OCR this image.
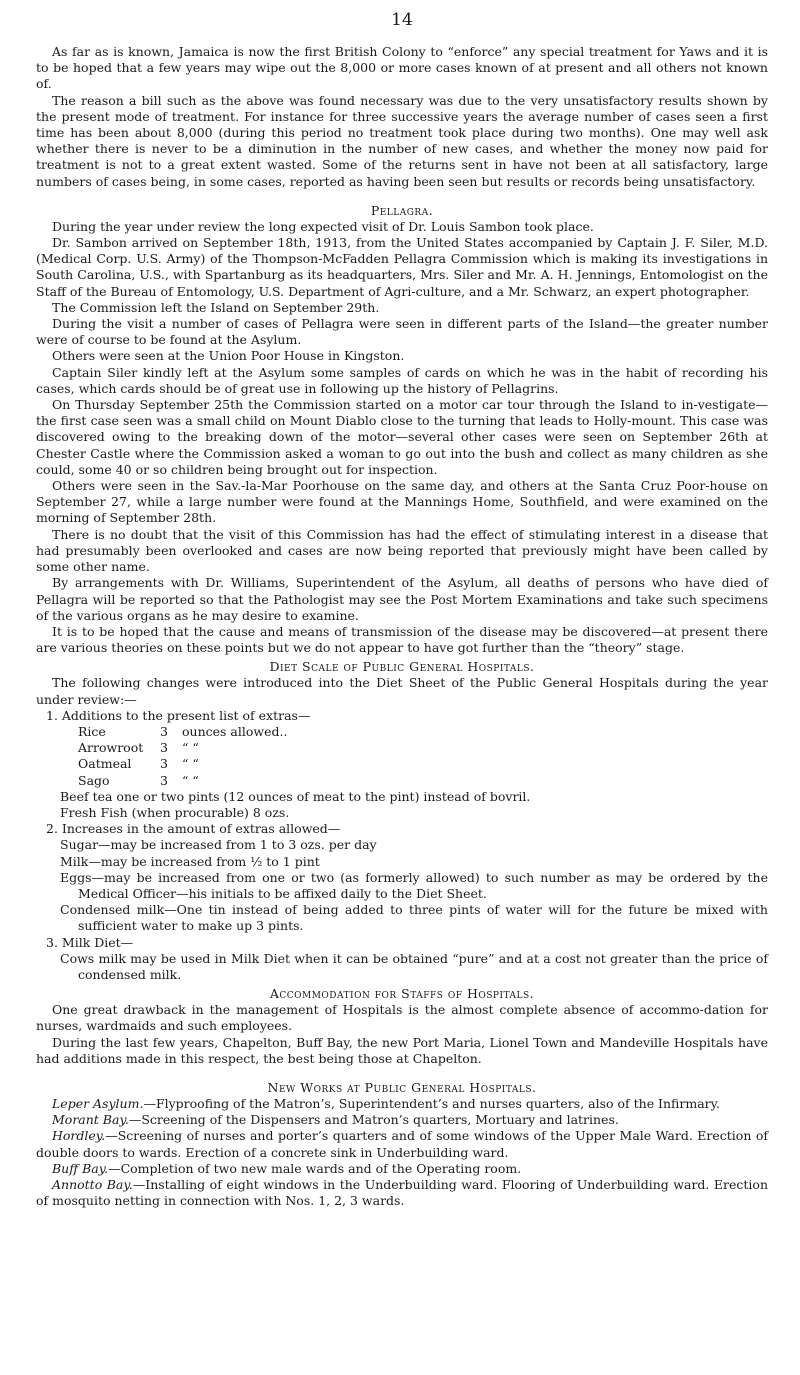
14

As far as is known, Jamaica is now the first British Colony to “enforce” any special treatment for Yaws and it is to be hoped that a few years may wipe out the 8,000 or more cases known of at present and all others not known of.

The reason a bill such as the above was found necessary was due to the very unsatisfactory results shown by the present mode of treatment. For instance for three successive years the average number of cases seen a first time has been about 8,000 (during this period no treatment took place during two months). One may well ask whether there is never to be a diminution in the number of new cases, and whether the money now paid for treatment is not to a great extent wasted. Some of the returns sent in have not been at all satisfactory, large numbers of cases being, in some cases, reported as having been seen but results or records being unsatisfactory.

Pellagra.

During the year under review the long expected visit of Dr. Louis Sambon took place.

Dr. Sambon arrived on September 18th, 1913, from the United States accompanied by Captain J. F. Siler, M.D. (Medical Corp. U.S. Army) of the Thompson-McFadden Pellagra Commission which is making its investigations in South Carolina, U.S., with Spartanburg as its headquarters, Mrs. Siler and Mr. A. H. Jennings, Entomologist on the Staff of the Bureau of Entomology, U.S. Department of Agri-culture, and a Mr. Schwarz, an expert photographer.

The Commission left the Island on September 29th.

During the visit a number of cases of Pellagra were seen in different parts of the Island—the greater number were of course to be found at the Asylum.

Others were seen at the Union Poor House in Kingston.

Captain Siler kindly left at the Asylum some samples of cards on which he was in the habit of recording his cases, which cards should be of great use in following up the history of Pellagrins.

On Thursday September 25th the Commission started on a motor car tour through the Island to in-vestigate—the first case seen was a small child on Mount Diablo close to the turning that leads to Holly-mount. This case was discovered owing to the breaking down of the motor—several other cases were seen on September 26th at Chester Castle where the Commission asked a woman to go out into the bush and collect as many children as she could, some 40 or so children being brought out for inspection.

Others were seen in the Sav.-la-Mar Poorhouse on the same day, and others at the Santa Cruz Poor-house on September 27, while a large number were found at the Mannings Home, Southfield, and were examined on the morning of September 28th.

There is no doubt that the visit of this Commission has had the effect of stimulating interest in a disease that had presumably been overlooked and cases are now being reported that previously might have been called by some other name.

By arrangements with Dr. Williams, Superintendent of the Asylum, all deaths of persons who have died of Pellagra will be reported so that the Pathologist may see the Post Mortem Examinations and take such specimens of the various organs as he may desire to examine.

It is to be hoped that the cause and means of transmission of the disease may be discovered—at present there are various theories on these points but we do not appear to have got further than the “theory” stage.

Diet Scale of Public General Hospitals.

The following changes were introduced into the Diet Sheet of the Public General Hospitals during the year under review:—

1. Additions to the present list of extras—
Rice	3	ounces allowed..
Arrowroot	3	“ “
Oatmeal	3	“ “
Sago	3	“ “
Beef tea one or two pints (12 ounces of meat to the pint) instead of bovril.
Fresh Fish (when procurable) 8 ozs.
2. Increases in the amount of extras allowed—
Sugar—may be increased from 1 to 3 ozs. per day
Milk—may be increased from ½ to 1 pint
Eggs—may be increased from one or two (as formerly allowed) to such number as may be ordered by the Medical Officer—his initials to be affixed daily to the Diet Sheet.
Condensed milk—One tin instead of being added to three pints of water will for the future be mixed with sufficient water to make up 3 pints.
3. Milk Diet—
Cows milk may be used in Milk Diet when it can be obtained “pure” and at a cost not greater than the price of condensed milk.
Accommodation for Staffs of Hospitals.

One great drawback in the management of Hospitals is the almost complete absence of accommo-dation for nurses, wardmaids and such employees.

During the last few years, Chapelton, Buff Bay, the new Port Maria, Lionel Town and Mandeville Hospitals have had additions made in this respect, the best being those at Chapelton.

New Works at Public General Hospitals.

Leper Asylum.—Flyproofing of the Matron’s, Superintendent’s and nurses quarters, also of the Infirmary.

Morant Bay.—Screening of the Dispensers and Matron’s quarters, Mortuary and latrines.

Hordley.—Screening of nurses and porter’s quarters and of some windows of the Upper Male Ward. Erection of double doors to wards. Erection of a concrete sink in Underbuilding ward.

Buff Bay.—Completion of two new male wards and of the Operating room.

Annotto Bay.—Installing of eight windows in the Underbuilding ward. Flooring of Underbuilding ward. Erection of mosquito netting in connection with Nos. 1, 2, 3 wards.
